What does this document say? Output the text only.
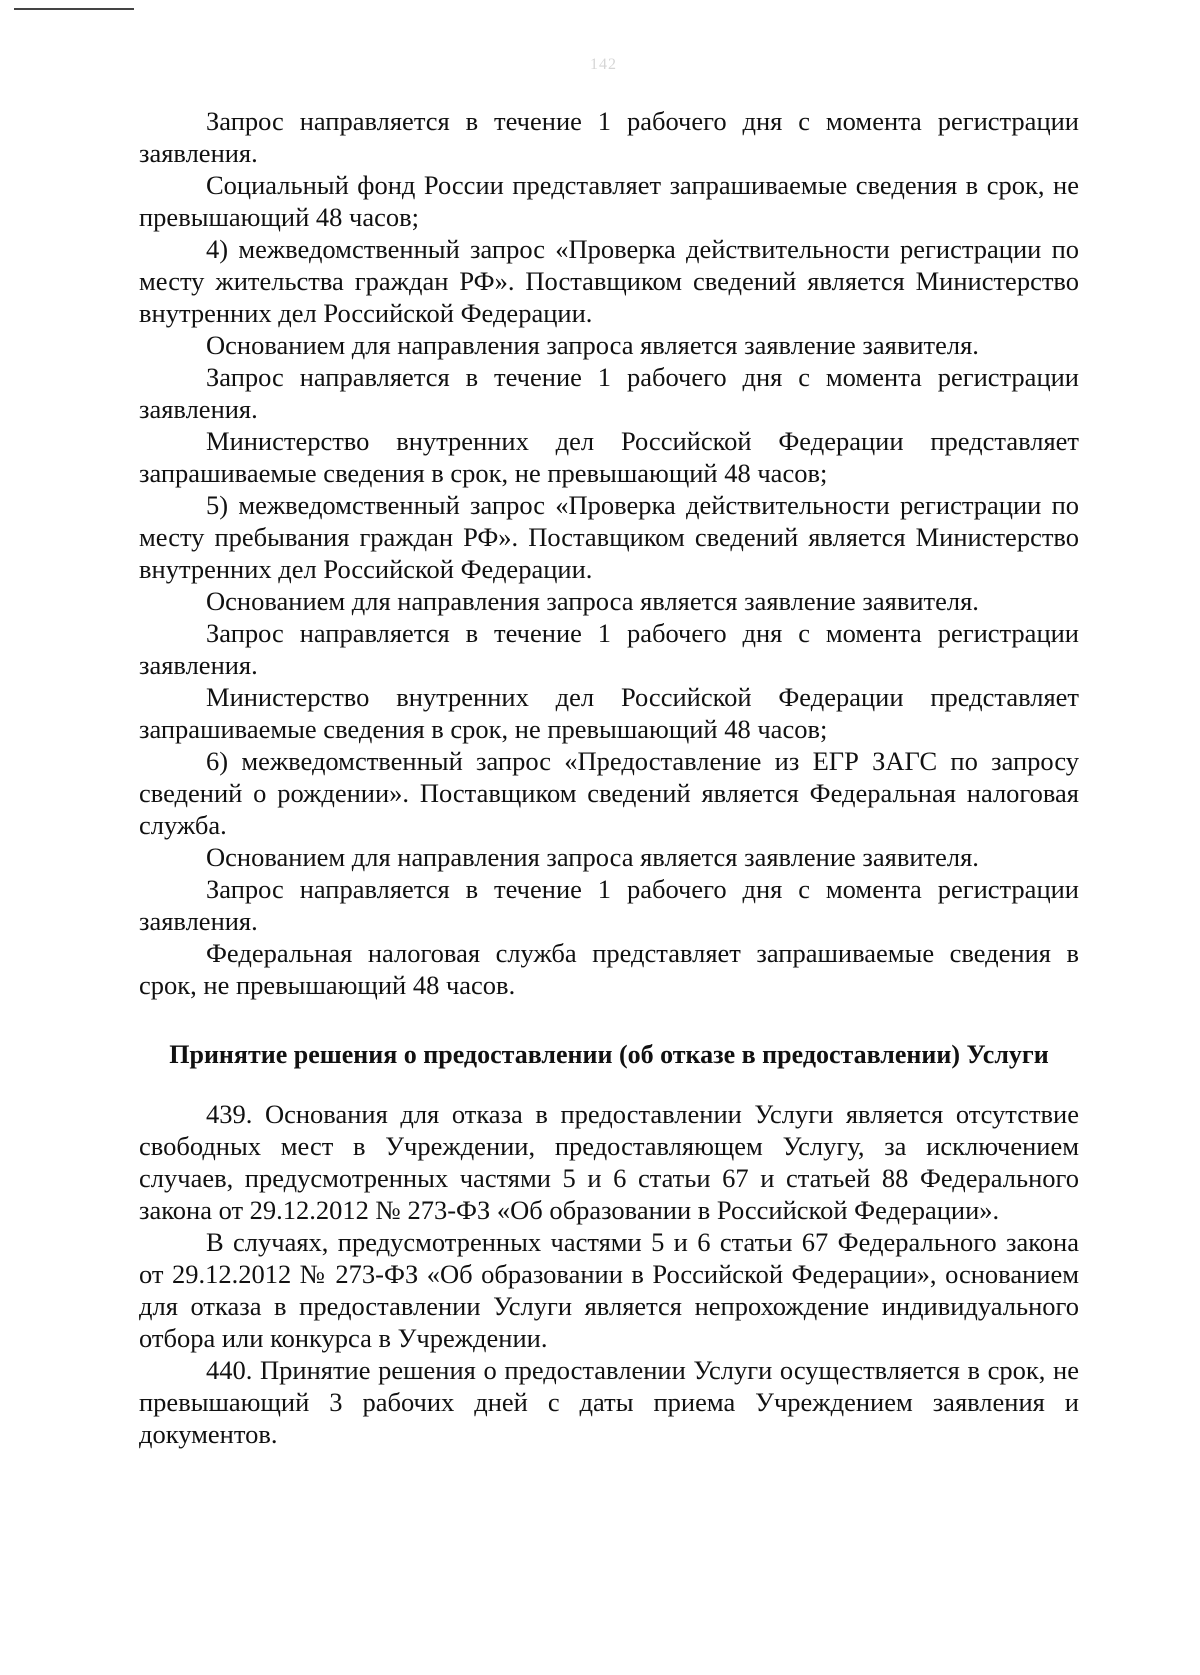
142

Запрос направляется в течение 1 рабочего дня с момента регистрации заявления.

Социальный фонд России представляет запрашиваемые сведения в срок, не превышающий 48 часов;

4) межведомственный запрос «Проверка действительности регистрации по месту жительства граждан РФ». Поставщиком сведений является Министерство внутренних дел Российской Федерации.

Основанием для направления запроса является заявление заявителя.

Запрос направляется в течение 1 рабочего дня с момента регистрации заявления.

Министерство внутренних дел Российской Федерации представляет запрашиваемые сведения в срок, не превышающий 48 часов;

5) межведомственный запрос «Проверка действительности регистрации по месту пребывания граждан РФ». Поставщиком сведений является Министерство внутренних дел Российской Федерации.

Основанием для направления запроса является заявление заявителя.

Запрос направляется в течение 1 рабочего дня с момента регистрации заявления.

Министерство внутренних дел Российской Федерации представляет запрашиваемые сведения в срок, не превышающий 48 часов;

6) межведомственный запрос «Предоставление из ЕГР ЗАГС по запросу сведений о рождении». Поставщиком сведений является Федеральная налоговая служба.

Основанием для направления запроса является заявление заявителя.

Запрос направляется в течение 1 рабочего дня с момента регистрации заявления.

Федеральная налоговая служба представляет запрашиваемые сведения в срок, не превышающий 48 часов.

Принятие решения о предоставлении (об отказе в предоставлении) Услуги

439. Основания для отказа в предоставлении Услуги является отсутствие свободных мест в Учреждении, предоставляющем Услугу, за исключением случаев, предусмотренных частями 5 и 6 статьи 67 и статьей 88 Федерального закона от 29.12.2012 № 273-ФЗ «Об образовании в Российской Федерации».

В случаях, предусмотренных частями 5 и 6 статьи 67 Федерального закона от 29.12.2012 № 273-ФЗ «Об образовании в Российской Федерации», основанием для отказа в предоставлении Услуги является непрохождение индивидуального отбора или конкурса в Учреждении.

440. Принятие решения о предоставлении Услуги осуществляется в срок, не превышающий 3 рабочих дней с даты приема Учреждением заявления и документов.
